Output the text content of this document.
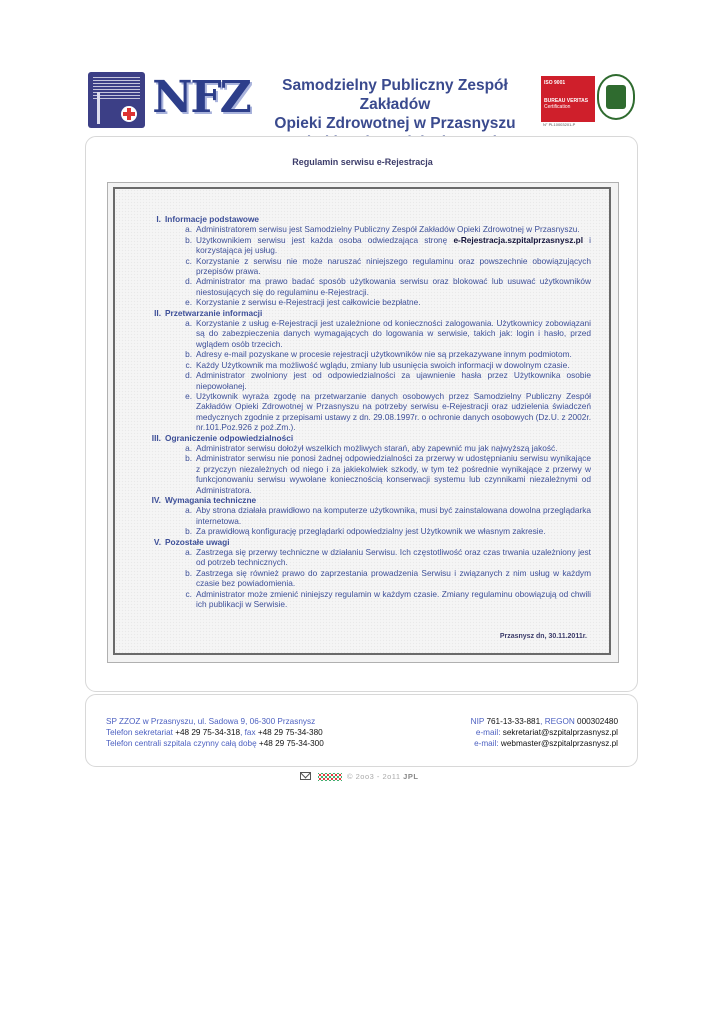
NFZ	Samodzielny Publiczny Zespół Zakładów
Opieki Zdrowotnej w Przasnyszu
ISO 9001
BUREAU VERITAS
Certification
N° PL10003201-P
Regulamin serwisu e-Rejestracja
I. Informacje podstawowe
a. Administratorem serwisu jest Samodzielny Publiczny Zespół Zakładów Opieki Zdrowotnej w Przasnyszu.
b. Użytkownikiem serwisu jest każda osoba odwiedzająca stronę e-Rejestracja.szpitalprzasnysz.pl i korzystająca jej usług.
c. Korzystanie z serwisu nie może naruszać niniejszego regulaminu oraz powszechnie obowiązujących przepisów prawa.
d. Administrator ma prawo badać sposób użytkowania serwisu oraz blokować lub usuwać użytkowników niestosujących się do regulaminu e-Rejestracji.
e. Korzystanie z serwisu e-Rejestracji jest całkowicie bezpłatne.
II. Przetwarzanie informacji
a. Korzystanie z usług e-Rejestracji jest uzależnione od konieczności zalogowania. Użytkownicy zobowiązani są do zabezpieczenia danych wymagających do logowania w serwisie, takich jak: login i hasło, przed wglądem osób trzecich.
b. Adresy e-mail pozyskane w procesie rejestracji użytkowników nie są przekazywane innym podmiotom.
c. Każdy Użytkownik ma możliwość wglądu, zmiany lub usunięcia swoich informacji w dowolnym czasie.
d. Administrator zwolniony jest od odpowiedzialności za ujawnienie hasła przez Użytkownika osobie niepowołanej.
e. Użytkownik wyraża zgodę na przetwarzanie danych osobowych przez Samodzielny Publiczny Zespół Zakładów Opieki Zdrowotnej w Przasnyszu na potrzeby serwisu e-Rejestracji oraz udzielenia świadczeń medycznych zgodnie z przepisami ustawy z dn. 29.08.1997r. o ochronie danych osobowych (Dz.U. z 2002r. nr.101.Poz.926 z poź.Zm.).
III. Ograniczenie odpowiedzialności
a. Administrator serwisu dołożył wszelkich możliwych starań, aby zapewnić mu jak najwyższą jakość.
b. Administrator serwisu nie ponosi żadnej odpowiedzialności za przerwy w udostępnianiu serwisu wynikające z przyczyn niezależnych od niego i za jakiekolwiek szkody, w tym też pośrednie wynikające z przerwy w funkcjonowaniu serwisu wywołane koniecznością konserwacji systemu lub czynnikami niezależnymi od Administratora.
IV. Wymagania techniczne
a. Aby strona działała prawidłowo na komputerze użytkownika, musi być zainstalowana dowolna przeglądarka internetowa.
b. Za prawidłową konfigurację przeglądarki odpowiedzialny jest Użytkownik we własnym zakresie.
V. Pozostałe uwagi
a. Zastrzega się przerwy techniczne w działaniu Serwisu. Ich częstotliwość oraz czas trwania uzależniony jest od potrzeb technicznych.
b. Zastrzega się również prawo do zaprzestania prowadzenia Serwisu i związanych z nim usług w każdym czasie bez powiadomienia.
c. Administrator może zmienić niniejszy regulamin w każdym czasie. Zmiany regulaminu obowiązują od chwili ich publikacji w Serwisie.
Przasnysz dn, 30.11.2011r.
SP ZZOZ w Przasnyszu, ul. Sadowa 9, 06-300 Przasnysz
Telefon sekretariat +48 29 75-34-318, fax +48 29 75-34-380
Telefon centrali szpitala czynny całą dobę +48 29 75-34-300
NIP 761-13-33-881, REGON 000302480
e-mail: sekretariat@szpitalprzasnysz.pl
e-mail: webmaster@szpitalprzasnysz.pl
© 2oo3 - 2o11 JPL
